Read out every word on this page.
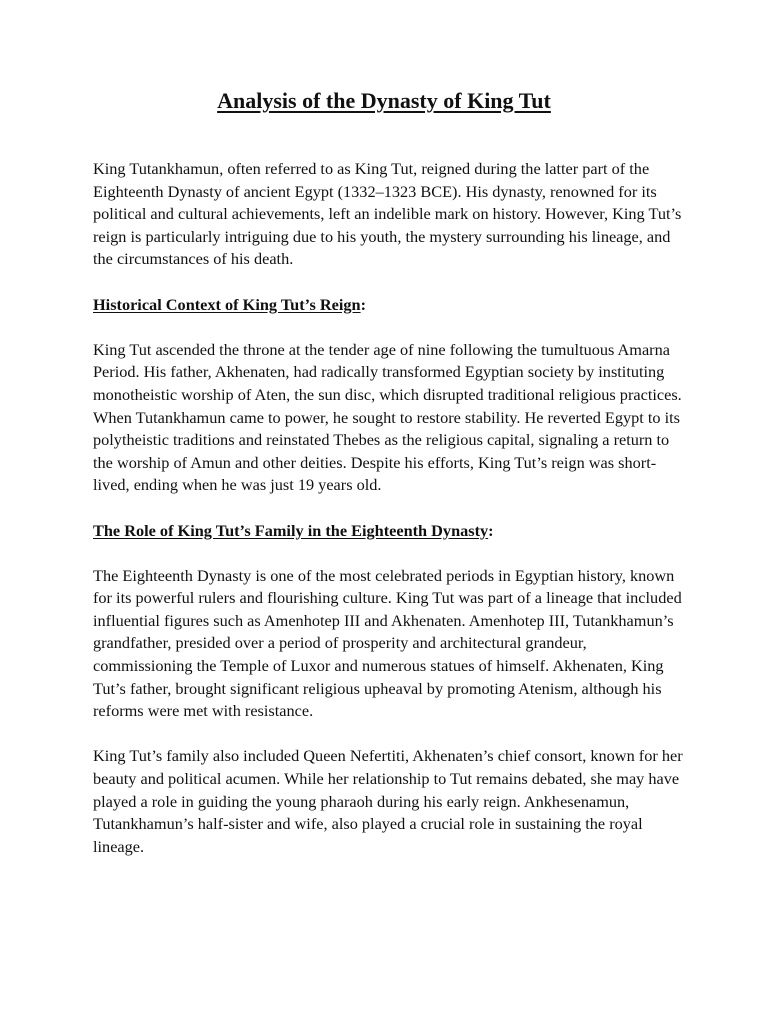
Analysis of the Dynasty of King Tut

King Tutankhamun, often referred to as King Tut, reigned during the latter part of the Eighteenth Dynasty of ancient Egypt (1332–1323 BCE). His dynasty, renowned for its political and cultural achievements, left an indelible mark on history. However, King Tut’s reign is particularly intriguing due to his youth, the mystery surrounding his lineage, and the circumstances of his death.

Historical Context of King Tut’s Reign:

King Tut ascended the throne at the tender age of nine following the tumultuous Amarna Period. His father, Akhenaten, had radically transformed Egyptian society by instituting monotheistic worship of Aten, the sun disc, which disrupted traditional religious practices. When Tutankhamun came to power, he sought to restore stability. He reverted Egypt to its polytheistic traditions and reinstated Thebes as the religious capital, signaling a return to the worship of Amun and other deities. Despite his efforts, King Tut’s reign was short-lived, ending when he was just 19 years old.

The Role of King Tut’s Family in the Eighteenth Dynasty:

The Eighteenth Dynasty is one of the most celebrated periods in Egyptian history, known for its powerful rulers and flourishing culture. King Tut was part of a lineage that included influential figures such as Amenhotep III and Akhenaten. Amenhotep III, Tutankhamun’s grandfather, presided over a period of prosperity and architectural grandeur, commissioning the Temple of Luxor and numerous statues of himself. Akhenaten, King Tut’s father, brought significant religious upheaval by promoting Atenism, although his reforms were met with resistance.

King Tut’s family also included Queen Nefertiti, Akhenaten’s chief consort, known for her beauty and political acumen. While her relationship to Tut remains debated, she may have played a role in guiding the young pharaoh during his early reign. Ankhesenamun, Tutankhamun’s half-sister and wife, also played a crucial role in sustaining the royal lineage.
